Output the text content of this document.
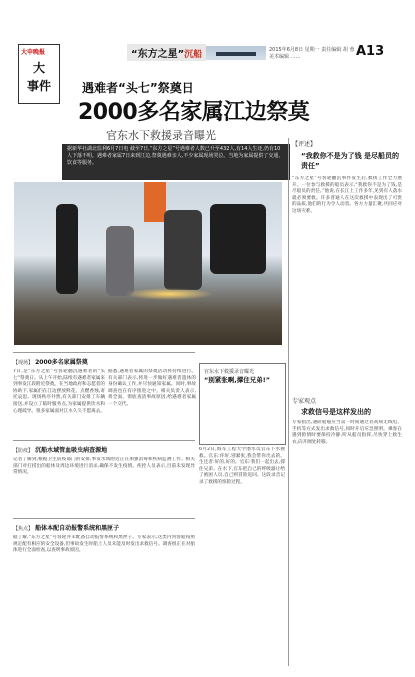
大申晚报
大
事件
“东方之星”沉船	2015年6月8日 星期一 责任编辑 胡 蓉 美术编辑 ……	A13
遇难者“头七”祭奠日
2000多名家属江边祭莫
官东水下救援录音曝光
据新华社湖北监利6月7日电 截至7日,“东方之星”号遇难者人数已升至432人,有14人生还,仍有10人下落不明。遇难者家属7日来到江边,祭奠遇难亲人,不少家属现场哭泣。当地为家属提供了交通、饮食等服务。
【现场】 2000多名家属祭奠
7日,是“东方之星”号客轮翻沉遇难者的“头七”祭奠日。从上午开始,陆续有遇难者家属来到事发江段附近祭奠。在当地政府和志愿者的协助下,家属们在江边摆放鲜花、点燃香烛,寄托哀思。现场秩序井然,有关部门安排了车辆接送,并设立了临时服务点,为家属提供饮水和心理疏导。很多家属面对江水久久不愿离去。
据悉,遇难者家属的祭奠活动将持续进行。有关部门表示,将进一步做好遇难者遗体的身份确认工作,并尽快通知家属。同时,事故调查也在有序推进之中。相关负责人表示,将全面、彻底查清事故原因,给遇难者家属一个交代。
【防疫】 沉船水域管血吸虫病查源地
记者了解到,根据卫生防疫部门的安排,事发水域附近正在加强消毒和疾病监测工作。相关部门对打捞出的船体及周边环境进行消杀,确保不发生疫情。疾控人员表示,目前未发现异常情况。
【焦点】 船体本配自动报警系统和黑匣子
据了解,“东方之星”号客轮并未配备自动报警系统和黑匣子。专家表示,这类内河客船按照规定配有相应的安全设备,但事故发生时船上人员未能及时发出求救信号。调查组正在对船体进行全面检查,以查明事故原因。
官东水下救援录音曝光
“别紧张啊,撑住兄弟!”
6月2日,海军工程大学潜水员官东下水搜救。官东:你好,别紧张,我会带你出去的。生还者:好的,好的。官东:我们一起出去,撑住兄弟。在水下,官东把自己的呼吸器让给了被困人员,自己则冒险返回。这段录音记录了救援的惊险过程。
【评述】
“我救你不是为了钱 是尽船员的责任”
“东方之星”号客轮翻沉事件发生后,救援工作全力展开。一位参与救援的船员表示,“我救你不是为了钱,是尽船员的责任。”他说,在长江上工作多年,见到有人落水就必须要救。许多普通人在这次救援中表现出了可贵的品质,他们的行为令人动容。各方力量汇聚,共同应对这场灾难。
专家观点
求救信号是这样发出的
专家指出,遇险船舶应当第一时间通过甚高频无线电、手机等方式发出求救信号,同时开启应急照明。乘客在遇到险情时要保持冷静,听从船员指挥,尽快穿上救生衣,向开阔处转移。
